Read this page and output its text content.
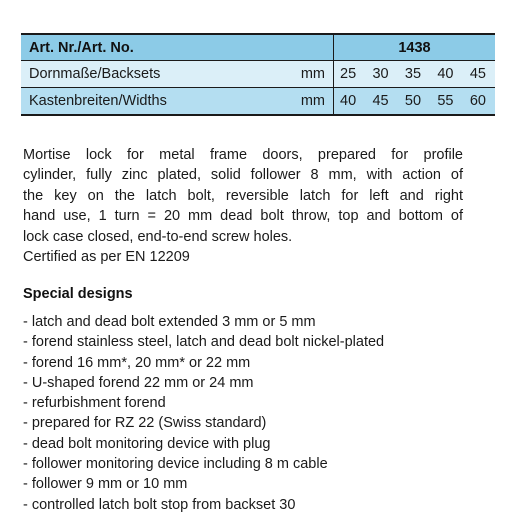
Art. Nr./Art. No.		1438
Dornmaße/Backsets	mm	25 30 35 40 45

Kastenbreiten/Widths	mm	40 45 50 55 60
Mortise lock for metal frame doors, prepared for profile
cylinder, fully zinc plated, solid follower 8 mm, with action of
the key on the latch bolt, reversible latch for left and right
hand use, 1 turn = 20 mm dead bolt throw, top and bottom of
lock case closed, end-to-end screw holes.
Certified as per EN 12209
Special designs
- latch and dead bolt extended 3 mm or 5 mm
- forend stainless steel, latch and dead bolt nickel-plated
- forend 16 mm*, 20 mm* or 22 mm
- U-shaped forend 22 mm or 24 mm
- refurbishment forend
- prepared for RZ 22 (Swiss standard)
- dead bolt monitoring device with plug
- follower monitoring device including 8 m cable
- follower 9 mm or 10 mm
- controlled latch bolt stop from backset 30
